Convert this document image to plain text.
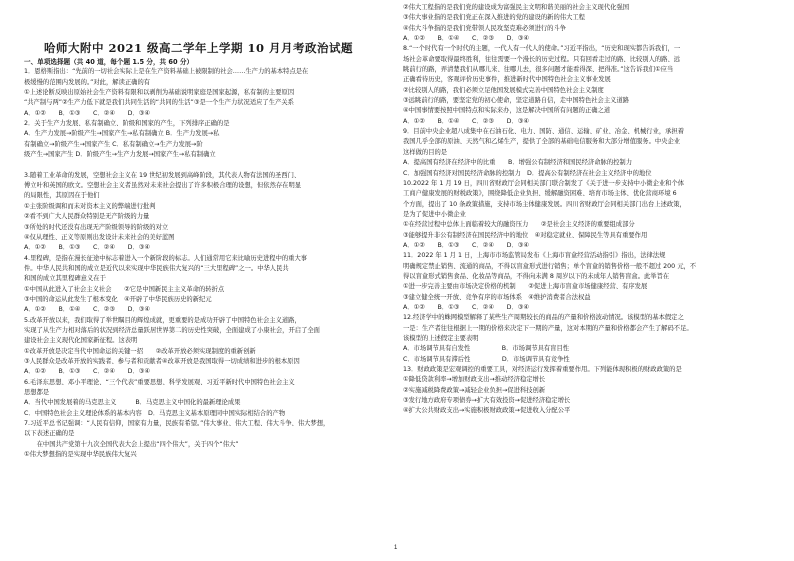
哈师大附中 2021 级高二学年上学期 10 月月考政治试题
一、单项选择题（共 40 道，每个题 1.5 分，共 60 分）
1．恩格斯指出：“先前的一切社会实际上是在生产资料基础上被限制的社会……生产力的基本特点是在
极缓慢的范围内发展的。”对此，解读正确的有
①上述论断反映出原始社会生产资料有限和以剥削为基础说明家庭是国家起源，私有制的主要原因
“共产制与两”②生产力低下就是我们共同生活的“共同的生活”③是一个生产力状况适应了生产关系
A．①②　　B．①③　　C．②④　　D．③④
2．关于生产力发展、私有制确立、阶级和国家的产生，下列排序正确的是
A．生产力发展→阶级产生→国家产生→私有制确立 B．生产力发展→私
有制确立→阶级产生→国家产生 C．私有制确立→生产力发展→阶
级产生→国家产生 D．阶级产生→生产力发展→国家产生→私有制确立
3.随着工业革命的发展，空想社会主义在 19 世纪初发展到高峰阶段，其代表人物有法国的圣西门、
傅立叶和英国的欧文。空想社会主义者虽然对未来社会提出了许多积极合理的设想，但依然存在明显
的局限性，其原因在于他们
①主张阶级调和而未对资本主义的弊端进行批判
②看不到广大人民群众特别是无产阶级的力量
③所处的时代还没有出现无产阶级领导的阶级的对立
④仅从理性、正义等原则出发设计未来社会的美好蓝图
A．①②　　B．①③　　C．②④　　D．③④
4.里程碑，是指在漫长征途中标志着进入一个新阶段的标志。人们通常用它来比喻历史进程中的重大事
件。中华人民共和国的成立是近代以来实现中华民族伟大复兴的“三大里程碑”之一。中华人民共
和国的成立其里程碑意义在于
①中国从此进入了社会主义社会　　②它是中国新民主主义革命的转折点
③中国的命运从此发生了根本变化　④开辟了中华民族历史的新纪元
A．①②　　B．①④　　C．②③　　D．③④
5.改革开放以来，我们取得了举世瞩目的辉煌成就，更重要的是成功开辟了中国特色社会主义道路，
实现了从生产力相对落后的状况到经济总量跃居世界第二的历史性突破，全面建成了小康社会，开启了全面
建设社会主义现代化国家新征程。这表明
①改革开放是决定当代中国命运的关键一招　　②改革开放必须实现制度的重新创新
③人民群众是改革开放的实践者、参与者和贡献者④改革开放是我国取得一切成绩和进步的根本原因
A．①②　　B．①③　　C．②④　　D．③④
6.毛泽东思想、邓小平理论、“三个代表”重要思想、科学发展观、习近平新时代中国特色社会主义
思想都是
A．当代中国发展着的马克思主义　　　B．马克思主义中国化的最新理论成果
C．中国特色社会主义理论体系的基本内容　D．马克思主义基本原理同中国实际相结合的产物
7.习近平总书记强调：“人民有信仰，国家有力量，民族有希望。”伟大事业、伟大工程、伟大斗争、伟大梦想，
以下表述正确的是
　　在中国共产党第十九次全国代表大会上提出“四个伟大”，关于四个“伟大”
①伟大梦想指的是实现中华民族伟大复兴
②伟大工程指的是我们党的建设成为富强民主文明和谐美丽的社会主义现代化强国
③伟大事业指的是我们党正在深入推进的党的建设的新的伟大工程
④伟大斗争指的是我们党带领人民攻坚克难必须进行的斗争
A．①②　　B．①④　　C．②③　　D．③④
8.“一个时代有一个时代的主题，一代人有一代人的使命。”习近平指出，“历史和现实都告诉我们，一
场社会革命要取得最终胜利，往往需要一个漫长的历史过程。只有回看走过的路、比较别人的路、远
眺前行的路，弄清楚我们从哪儿来、往哪儿去，很多问题才能看得深、把得准。”这告诉我们①应当
正确看待历史，客观评价历史事件，推进新时代中国特色社会主义事业发展
②比较别人的路，我们必须立足他国发展模式完善中国特色社会主义制度
③远眺前行的路，要坚定党的初心使命，坚定道路自信，走中国特色社会主义道路
④中国事情要按照中国特点和实际来办，这是解决中国所有问题的正确之道
A．①②　　B．①④　　C．②③　　D．③④
9．目前中央企业超八成集中在石油石化、电力、国防、通信、运输、矿业、冶金、机械行业，承担着
我国几乎全部的原油、天然气和乙烯生产，提供了全部的基础电信服务和大部分增值服务。中央企业
这样做的目的是
A．提高国有经济在经济中的比重　　B．增强公有制经济和国民经济命脉的控制力
C．加强国有经济对国民经济命脉的控制力　D．提高公有制经济在社会主义经济中的地位
10.2022 年 1 月 19 日，四川省财政厅会同相关部门联合制发了《关于进一步支持中小微企业和个体
工商户健康发展的财税政策》，围绕降低企业负担、缓解融资困难、培育市场主体、优化营商环境 6
个方面，提出了 10 条政策措施，支持市场主体健康发展。四川省财政厅会同相关部门出台上述政策，
是为了促进中小微企业
①在经营过程中总体上面临着较大的融资压力　　②是社会主义经济的重要组成部分
③能够提升非公有制经济在国民经济中的地位　④对稳定就业、保障民生等具有重要作用
A．①②　　B．①③　　C．②④　　D．③④
11．2022 年 1 月 1 日，上海市市场监管局发布《上海市盲盒经营活动指引》指出，法律法规
明确规定禁止销售、流通的商品，不得以盲盒形式进行销售；单个盲盒的销售价格一般不超过 200 元，不
得以盲盒形式销售食品、化妆品等商品，不得向未满 8 周岁以下的未成年人销售盲盒。此举旨在
①进一步完善主要由市场决定价格的机制　　②促进上海市盲盒市场健康经营、有序发展
③建立健全统一开放、竞争有序的市场体系　④维护消费者合法权益
A．①②　　B．①③　　C．②④　　D．③④
12.经济学中的蛛网模型解释了某些生产周期较长的商品的产量和价格波动情况。该模型的基本假定之
一是：生产者往往根据上一期的价格来决定下一期的产量，这对本期的产量和价格都会产生了解码不足。
该模型的上述假定主要表明
A．市场调节具有自发性　　　　　B．市场调节具有盲目性
C．市场调节具有滞后性　　　　　D．市场调节具有竞争性
13．财政政策是宏观调控的重要工具，对经济运行发挥着重要作用。下列能体现积极的财政政策的是
①降低贷款利率→增加财政支出→推动经济稳定增长
②实施减税降费政策→减轻企业负担→促进科技创新
③发行地方政府专项债券→扩大有效投资→促进经济稳定增长
④扩大公共财政支出→实施积极财政政策→促进收入分配公平
1
